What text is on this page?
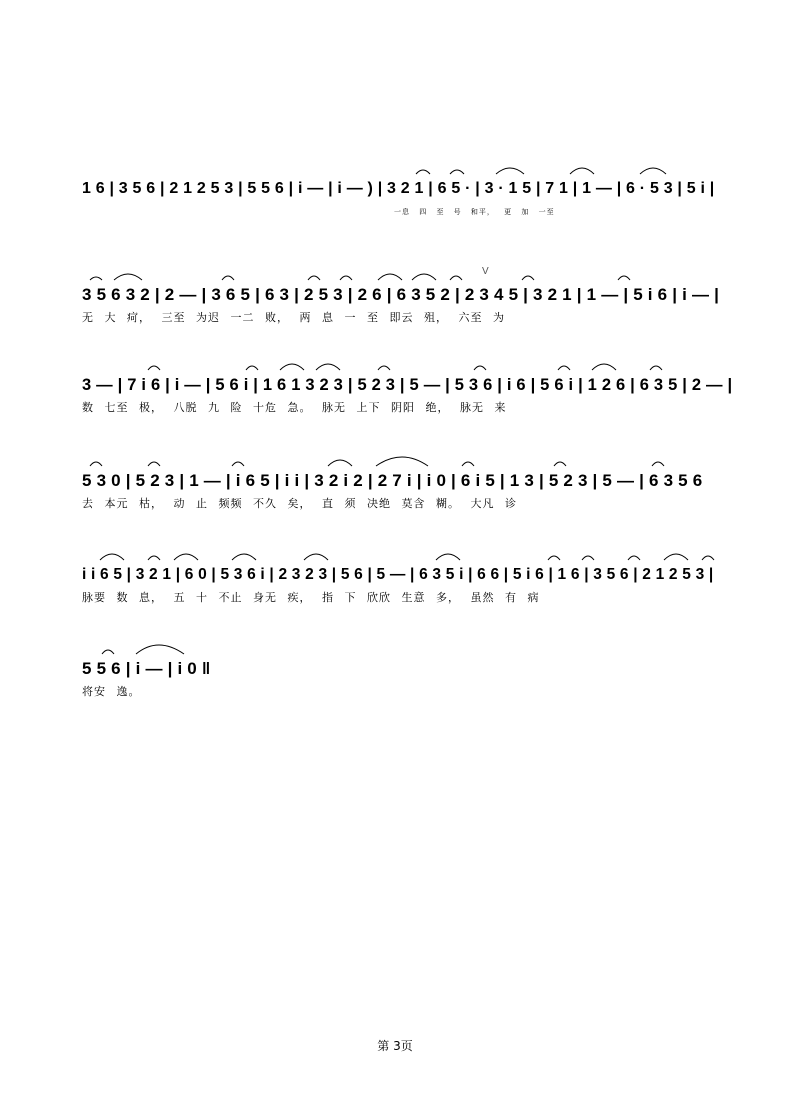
1 6 | 3 5 6 | 2 1 2 5 3 | 5 5 6 | i — | i — ) | 3 2 1 | 6 5 · | 3 · 1 5 | 7 1 | 1 — | 6 · 5 3 | 5 i |
一息 四 至 号 和平， 更 加 一至
V
3 5 6 3 2 | 2 — | 3 6 5 | 6 3 | 2 5 3 | 2 6 | 6 3 5 2 | 2 3 4 5 | 3 2 1 | 1 — | 5 i 6 | i — |
无 大 疴， 三至 为迟 一二 败， 两 息 一 至 即云 殂， 六至 为
3 — | 7 i 6 | i — | 5 6 i | 1 6 1 3 2 3 | 5 2 3 | 5 — | 5 3 6 | i 6 | 5 6 i | 1 2 6 | 6 3 5 | 2 — |
数 七至 极， 八脱 九 险 十危 急。 脉无 上下 阴阳 绝， 脉无 来
5 3 0 | 5 2 3 | 1 — | i 6 5 | i i | 3 2 i 2 | 2 7 i | i 0 | 6 i 5 | 1 3 | 5 2 3 | 5 — | 6 3 5 6
去 本元 枯， 动 止 频频 不久 矣， 直 须 决绝 莫含 糊。 大凡 诊
i i 6 5 | 3 2 1 | 6 0 | 5 3 6 i | 2 3 2 3 | 5 6 | 5 — | 6 3 5 i | 6 6 | 5 i 6 | 1 6 | 3 5 6 | 2 1 2 5 3 |
脉要 数 息， 五 十 不止 身无 疾， 指 下 欣欣 生意 多， 虽然 有 病
5 5 6 | i — | i 0 ‖
将安 逸。
第 3页
